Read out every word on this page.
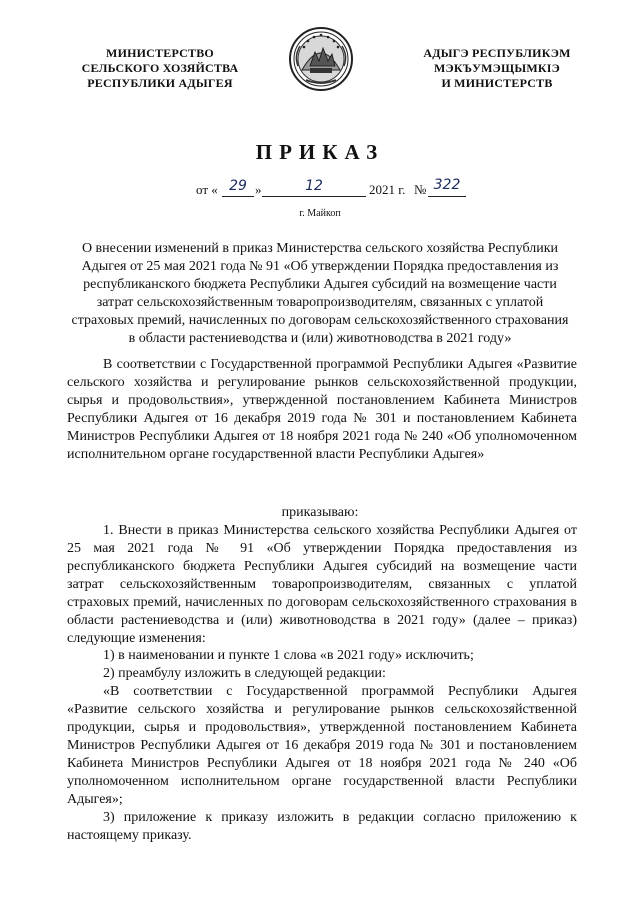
МИНИСТЕРСТВО
СЕЛЬСКОГО ХОЗЯЙСТВА
РЕСПУБЛИКИ АДЫГЕЯ
АДЫГЭ РЕСПУБЛИКЭМ
МЭКЪУМЭЩЫМКIЭ
И МИНИСТЕРСТВ
ПРИКАЗ
от « 29 »	12	2021 г. № 322
г. Майкоп
О внесении изменений в приказ Министерства сельского хозяйства Республики Адыгея от 25 мая 2021 года № 91 «Об утверждении Порядка предоставления из республиканского бюджета Республики Адыгея субсидий на возмещение части затрат сельскохозяйственным товаропроизводителям, связанных с уплатой страховых премий, начисленных по договорам сельскохозяйственного страхования в области растениеводства и (или) животноводства в 2021 году»
В соответствии с Государственной программой Республики Адыгея «Развитие сельского хозяйства и регулирование рынков сельскохозяйственной продукции, сырья и продовольствия», утвержденной постановлением Кабинета Министров Республики Адыгея от 16 декабря 2019 года № 301 и постановлением Кабинета Министров Республики Адыгея от 18 ноября 2021 года № 240 «Об уполномоченном исполнительном органе государственной власти Республики Адыгея»
приказываю:
1. Внести в приказ Министерства сельского хозяйства Республики Адыгея от 25 мая 2021 года № 91 «Об утверждении Порядка предоставления из республиканского бюджета Республики Адыгея субсидий на возмещение части затрат сельскохозяйственным товаропроизводителям, связанных с уплатой страховых премий, начисленных по договорам сельскохозяйственного страхования в области растениеводства и (или) животноводства в 2021 году» (далее – приказ) следующие изменения:
1) в наименовании и пункте 1 слова «в 2021 году» исключить;
2) преамбулу изложить в следующей редакции:
«В соответствии с Государственной программой Республики Адыгея «Развитие сельского хозяйства и регулирование рынков сельскохозяйственной продукции, сырья и продовольствия», утвержденной постановлением Кабинета Министров Республики Адыгея от 16 декабря 2019 года № 301 и постановлением Кабинета Министров Республики Адыгея от 18 ноября 2021 года № 240 «Об уполномоченном исполнительном органе государственной власти Республики Адыгея»;
3) приложение к приказу изложить в редакции согласно приложению к настоящему приказу.
